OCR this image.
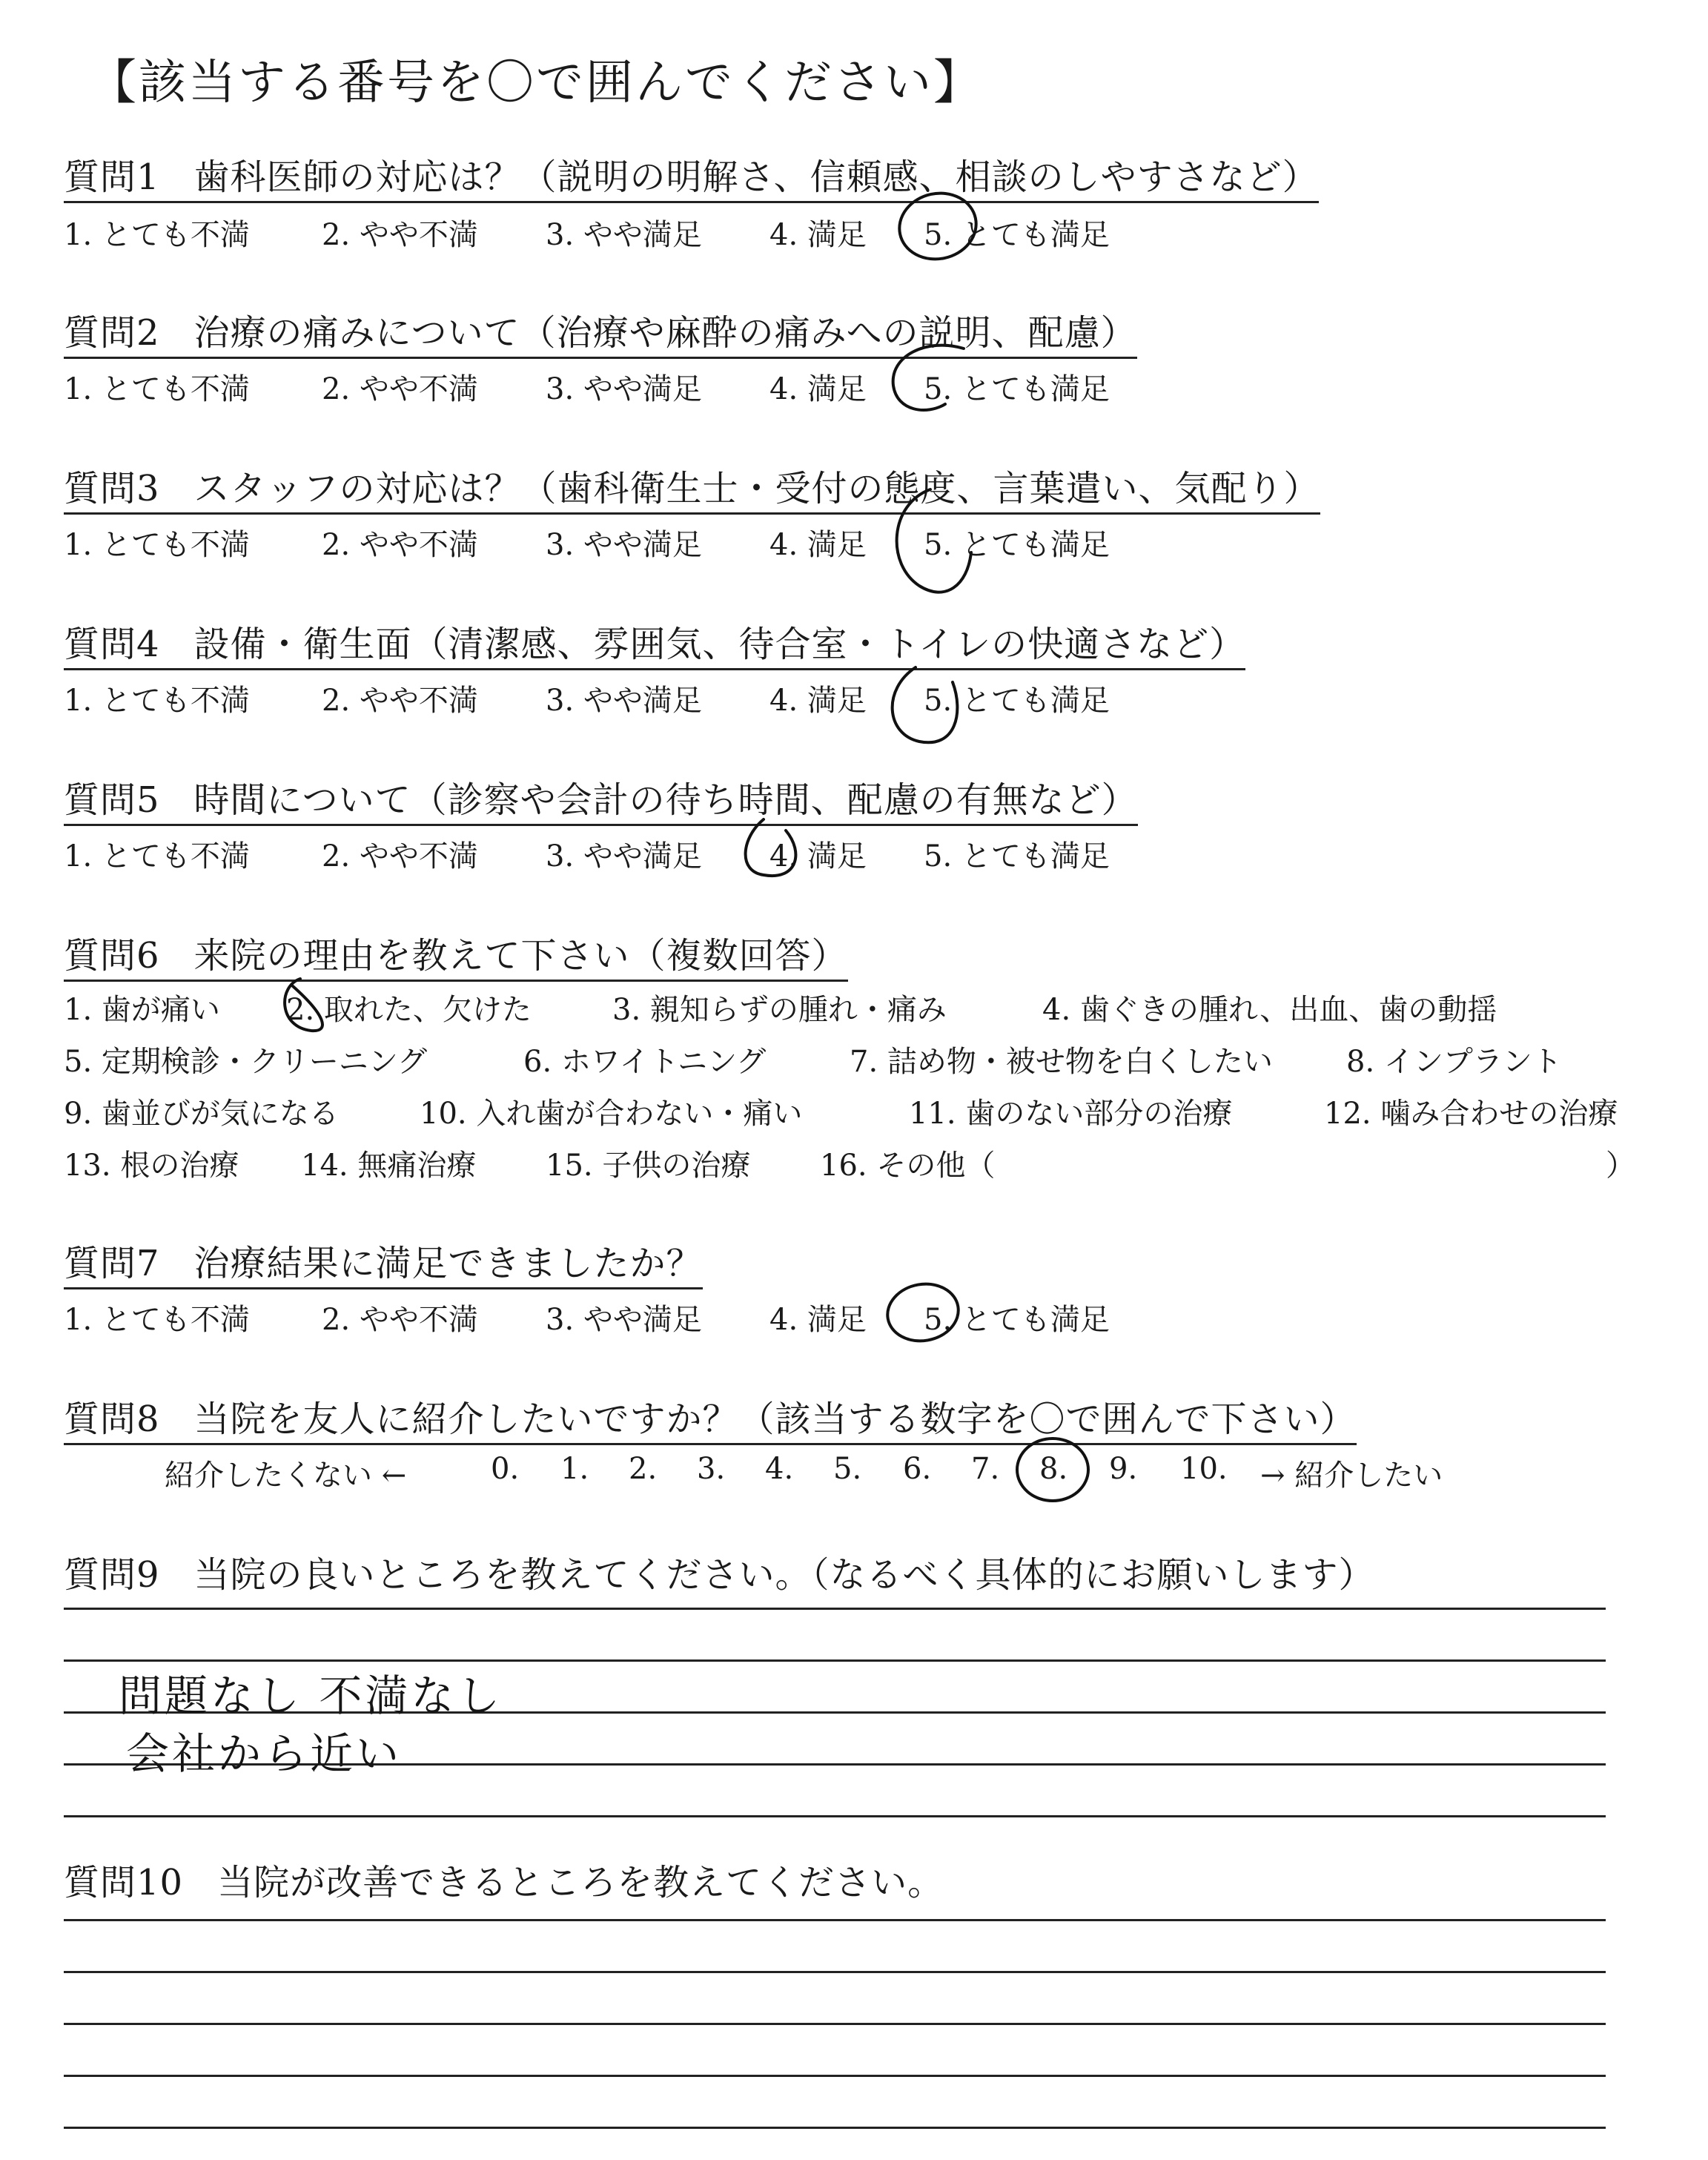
【該当する番号を〇で囲んでください】
質問1 歯科医師の対応は？（説明の明解さ、信頼感、相談のしやすさなど）
1. とても不満 2. やや不満 3. やや満足 4. 満足 5. とても満足
質問2 治療の痛みについて（治療や麻酔の痛みへの説明、配慮）
1. とても不満 2. やや不満 3. やや満足 4. 満足 5. とても満足
質問3 スタッフの対応は？（歯科衛生士・受付の態度、言葉遣い、気配り）
1. とても不満 2. やや不満 3. やや満足 4. 満足 5. とても満足
質問4 設備・衛生面（清潔感、雰囲気、待合室・トイレの快適さなど）
1. とても不満 2. やや不満 3. やや満足 4. 満足 5. とても満足
質問5 時間について（診察や会計の待ち時間、配慮の有無など）
1. とても不満 2. やや不満 3. やや満足 4. 満足 5. とても満足
質問6 来院の理由を教えて下さい（複数回答）
1. 歯が痛い 2. 取れた、欠けた	3. 親知らずの腫れ・痛み	4. 歯ぐきの腫れ、出血、歯の動揺
5. 定期検診・クリーニング	6. ホワイトニング	7. 詰め物・被せ物を白くしたい 8. インプラント
9. 歯並びが気になる	10. 入れ歯が合わない・痛い	11. 歯のない部分の治療	12. 噛み合わせの治療
13. 根の治療 14. 無痛治療 15. 子供の治療 16. その他（	）
質問7 治療結果に満足できましたか？
1. とても不満 2. やや不満 3. やや満足 4. 満足 5. とても満足
質問8 当院を友人に紹介したいですか？（該当する数字を〇で囲んで下さい）
紹介したくない ←	0. 1. 2. 3. 4. 5. 6. 7. 8. 9. 10. → 紹介したい
質問9 当院の良いところを教えてください。（なるべく具体的にお願いします）
問題なし 不満なし
会社から近い
質問10 当院が改善できるところを教えてください。
